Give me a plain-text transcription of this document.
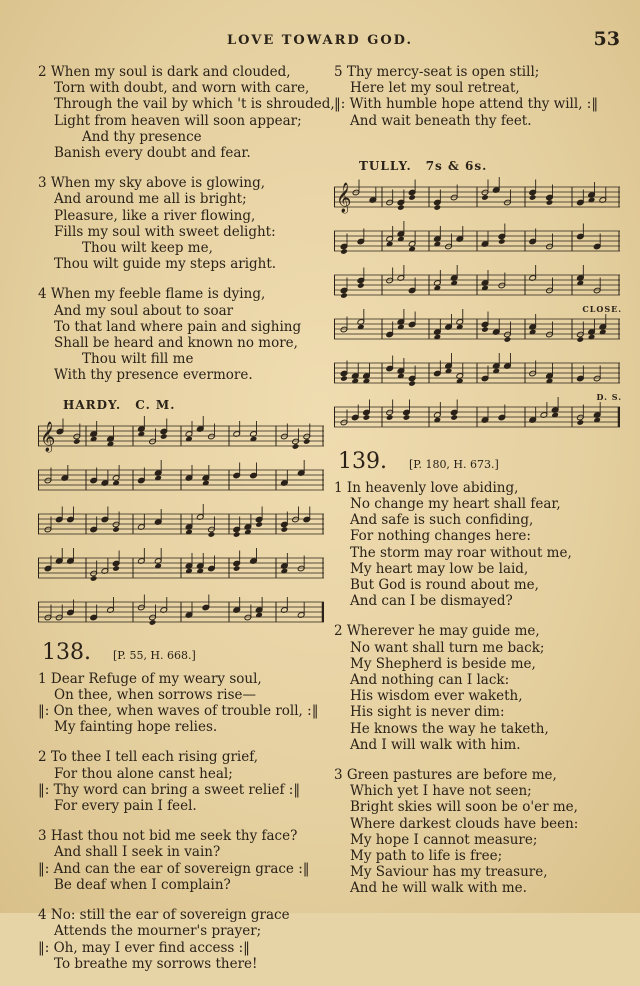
LOVE TOWARD GOD.	53
2 When my soul is dark and clouded,
Torn with doubt, and worn with care,
Through the vail by which 't is shrouded,
Light from heaven will soon appear;
And thy presence
Banish every doubt and fear.
3 When my sky above is glowing,
And around me all is bright;
Pleasure, like a river flowing,
Fills my soul with sweet delight:
Thou wilt keep me,
Thou wilt guide my steps aright.
4 When my feeble flame is dying,
And my soul about to soar
To that land where pain and sighing
Shall be heard and known no more,
Thou wilt fill me
With thy presence evermore.
HARDY. C. M.
𝄞
138. [P. 55, H. 668.]
1 Dear Refuge of my weary soul,
On thee, when sorrows rise—
‖: On thee, when waves of trouble roll, :‖
My fainting hope relies.
2 To thee I tell each rising grief,
For thou alone canst heal;
‖: Thy word can bring a sweet relief :‖
For every pain I feel.
3 Hast thou not bid me seek thy face?
And shall I seek in vain?
‖: And can the ear of sovereign grace :‖
Be deaf when I complain?
4 No: still the ear of sovereign grace
Attends the mourner's prayer;
‖: Oh, may I ever find access :‖
To breathe my sorrows there!
5 Thy mercy-seat is open still;
Here let my soul retreat,
‖: With humble hope attend thy will, :‖
And wait beneath thy feet.
TULLY. 7s & 6s.
𝄞
CLOSE.
D. S.
139. [P. 180, H. 673.]
1 In heavenly love abiding,
No change my heart shall fear,
And safe is such confiding,
For nothing changes here:
The storm may roar without me,
My heart may low be laid,
But God is round about me,
And can I be dismayed?
2 Wherever he may guide me,
No want shall turn me back;
My Shepherd is beside me,
And nothing can I lack:
His wisdom ever waketh,
His sight is never dim:
He knows the way he taketh,
And I will walk with him.
3 Green pastures are before me,
Which yet I have not seen;
Bright skies will soon be o'er me,
Where darkest clouds have been:
My hope I cannot measure;
My path to life is free;
My Saviour has my treasure,
And he will walk with me.
